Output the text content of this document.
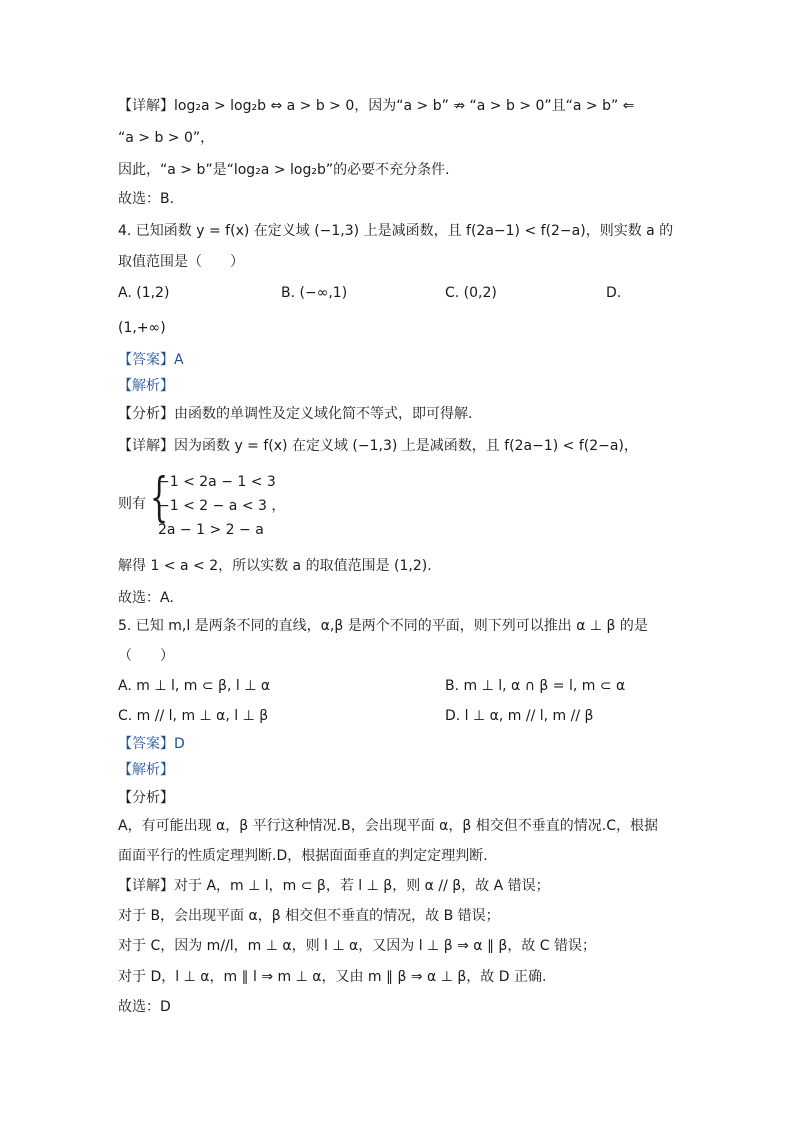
【详解】log₂a > log₂b ⇔ a > b > 0，因为“a > b” ⇏ “a > b > 0”且“a > b” ⇐
“a > b > 0”，
因此，“a > b”是“log₂a > log₂b”的必要不充分条件.
故选：B.
4. 已知函数 y = f(x) 在定义域 (−1,3) 上是减函数，且 f(2a−1) < f(2−a)，则实数 a 的
取值范围是（　　）
A. (1,2)	B. (−∞,1)	C. (0,2)	D.
(1,+∞)
【答案】A
【解析】
【分析】由函数的单调性及定义域化简不等式，即可得解.
【详解】因为函数 y = f(x) 在定义域 (−1,3) 上是减函数，且 f(2a−1) < f(2−a)，
则有 {
−1 < 2a − 1 < 3
−1 < 2 − a < 3 ，
2a − 1 > 2 − a
解得 1 < a < 2，所以实数 a 的取值范围是 (1,2).
故选：A.
5. 已知 m,l 是两条不同的直线，α,β 是两个不同的平面，则下列可以推出 α ⊥ β 的是
（　　）
A. m ⊥ l, m ⊂ β, l ⊥ α	B. m ⊥ l, α ∩ β = l, m ⊂ α
C. m // l, m ⊥ α, l ⊥ β	D. l ⊥ α, m // l, m // β
【答案】D
【解析】
【分析】
A，有可能出现 α，β 平行这种情况.B，会出现平面 α，β 相交但不垂直的情况.C，根据
面面平行的性质定理判断.D，根据面面垂直的判定定理判断.
【详解】对于 A，m ⊥ l，m ⊂ β，若 l ⊥ β，则 α // β，故 A 错误；
对于 B，会出现平面 α，β 相交但不垂直的情况，故 B 错误；
对于 C，因为 m//l，m ⊥ α，则 l ⊥ α，又因为 l ⊥ β ⇒ α ∥ β，故 C 错误；
对于 D，l ⊥ α，m ∥ l ⇒ m ⊥ α，又由 m ∥ β ⇒ α ⊥ β，故 D 正确.
故选：D
